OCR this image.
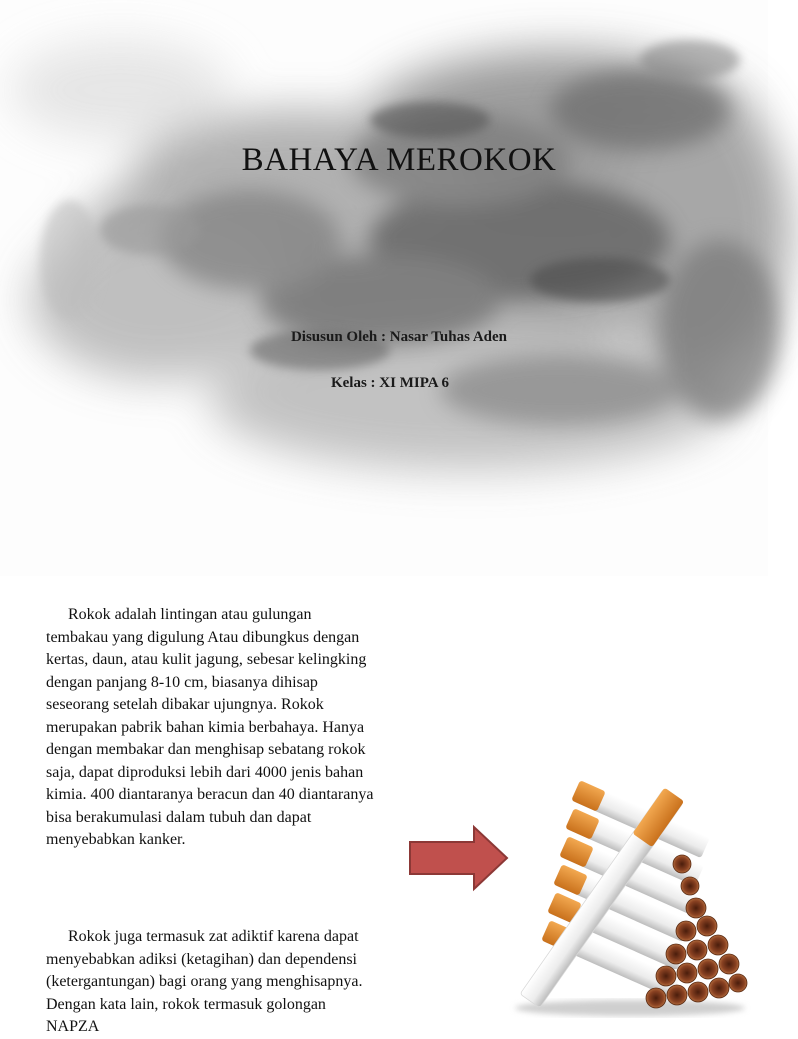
BAHAYA MEROKOK
Disusun Oleh : Nasar Tuhas Aden
Kelas : XI MIPA 6

Rokok adalah lintingan atau gulungan tembakau yang digulung Atau dibungkus dengan kertas, daun, atau kulit jagung, sebesar kelingking dengan panjang 8-10 cm, biasanya dihisap seseorang setelah dibakar ujungnya. Rokok merupakan pabrik bahan kimia berbahaya. Hanya dengan membakar dan menghisap sebatang rokok saja, dapat diproduksi lebih dari 4000 jenis bahan kimia. 400 diantaranya beracun dan 40 diantaranya bisa berakumulasi dalam tubuh dan dapat menyebabkan kanker.

Rokok juga termasuk zat adiktif karena dapat menyebabkan adiksi (ketagihan) dan dependensi (ketergantungan) bagi orang yang menghisapnya. Dengan kata lain, rokok termasuk golongan NAPZA
